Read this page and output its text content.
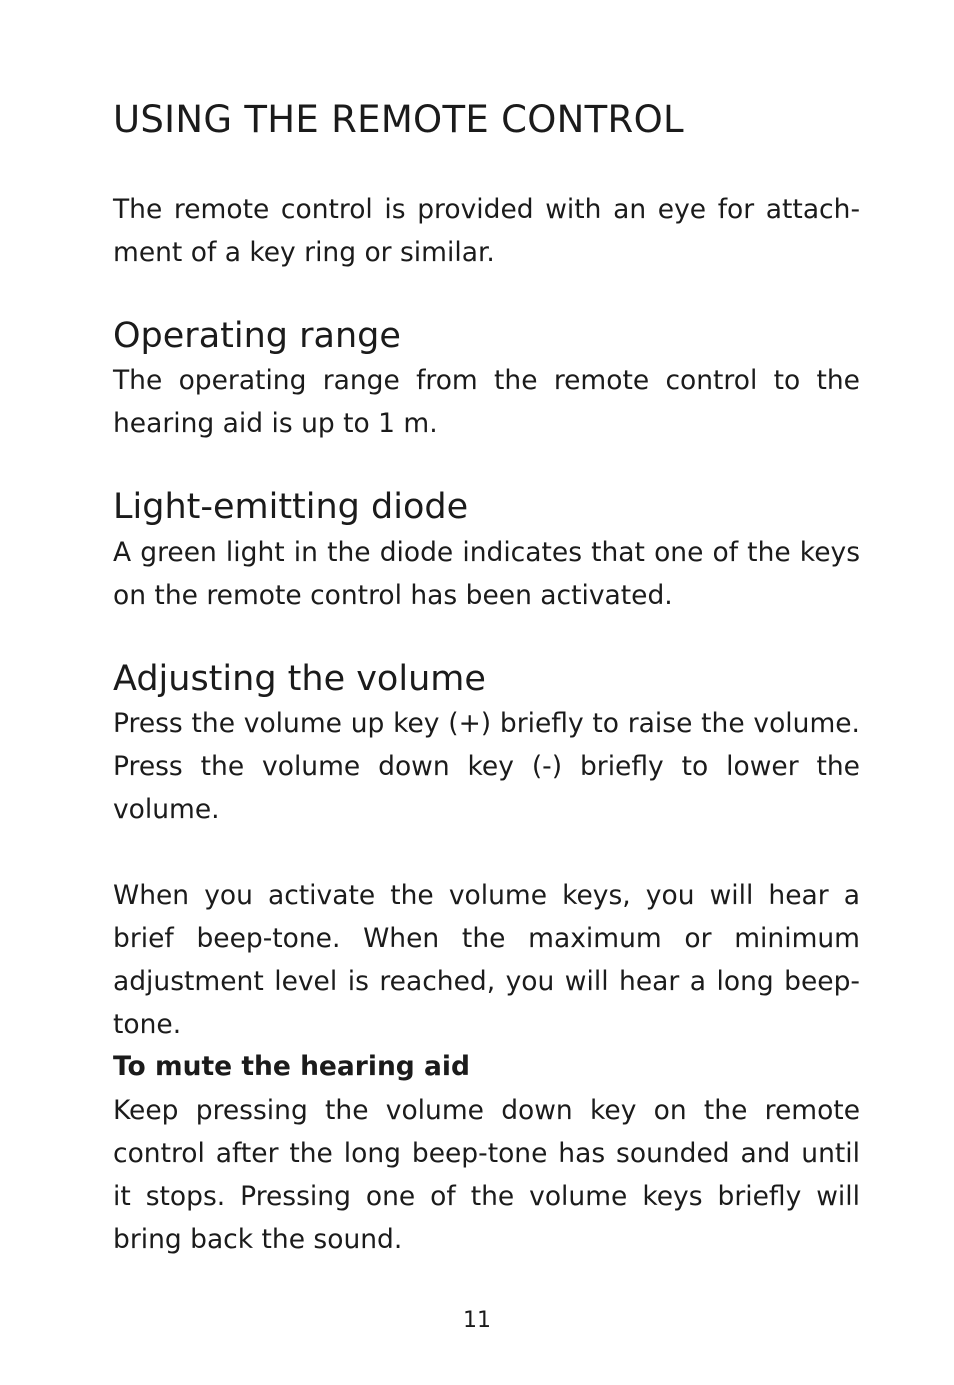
USING THE REMOTE CONTROL

The remote control is provided with an eye for attachment of a key ring or similar.

Operating range

The operating range from the remote control to the hearing aid is up to 1 m.

Light-emitting diode

A green light in the diode indicates that one of the keys on the remote control has been activated.

Adjusting the volume

Press the volume up key (+) briefly to raise the volume. Press the volume down key (-) briefly to lower the volume.

When you activate the volume keys, you will hear a brief beep-tone. When the maximum or minimum adjustment level is reached, you will hear a long beep-tone.

To mute the hearing aid

Keep pressing the volume down key on the remote control after the long beep-tone has sounded and until it stops. Pressing one of the volume keys briefly will bring back the sound.

11
